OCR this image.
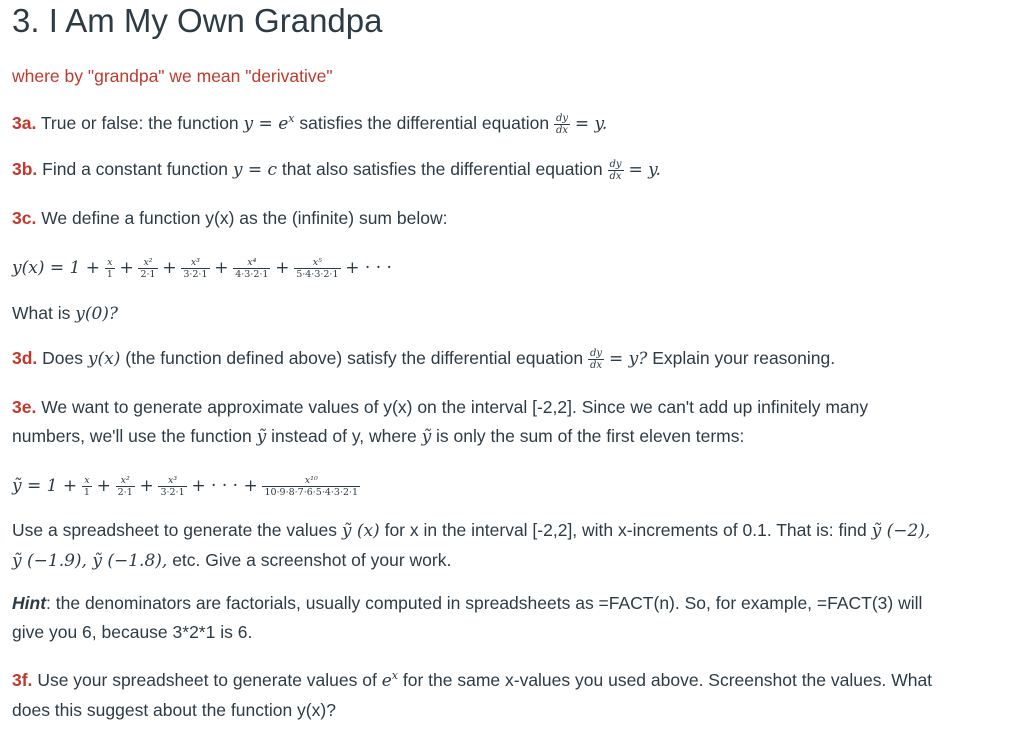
3. I Am My Own Grandpa
where by "grandpa" we mean "derivative"
3a. True or false: the function $y = e^x$ satisfies the differential equation $\frac{dy}{dx} = y$.
3b. Find a constant function y = c that also satisfies the differential equation $\frac{dy}{dx} = y$.
3c. We define a function y(x) as the (infinite) sum below:
$y(x) = 1 + \frac{x}{1} + \frac{\text{x²}}{2\cdot 1} + \frac{\text{x³}}{3\cdot 2\cdot 1} + \frac{\text{x⁴}}{4\cdot 3\cdot 2\cdot 1} + \frac{\text{x⁵}}{5\cdot 4\cdot 3\cdot 2\cdot 1}$ + · · ·
What is y(0)?
3d. Does y(x) (the function defined above) satisfy the differential equation $\frac{dy}{dx} = y$? Explain your reasoning.
3e. We want to generate approximate values of y(x) on the interval [-2,2]. Since we can't add up infinitely many
numbers, we'll use the function ỹ instead of y, where ỹ is only the sum of the first eleven terms:
ỹ = $1 + \frac{x}{1} + \frac{\text{x²}}{2\cdot 1} + \frac{\text{x³}}{3\cdot 2\cdot 1}$ + · · · + $\frac{\text{x¹⁰}}{10\cdot 9\cdot 8\cdot 7\cdot 6\cdot 5\cdot 4\cdot 3\cdot 2\cdot 1}$
Use a spreadsheet to generate the values ỹ (x) for x in the interval [-2,2], with x-increments of 0.1. That is: find ỹ (−2),
ỹ (−1.9), ỹ (−1.8), etc. Give a screenshot of your work.
Hint: the denominators are factorials, usually computed in spreadsheets as =FACT(n). So, for example, =FACT(3) will
give you 6, because 3*2*1 is 6.
3f. Use your spreadsheet to generate values of $e^x$ for the same x-values you used above. Screenshot the values. What
does this suggest about the function y(x)?
